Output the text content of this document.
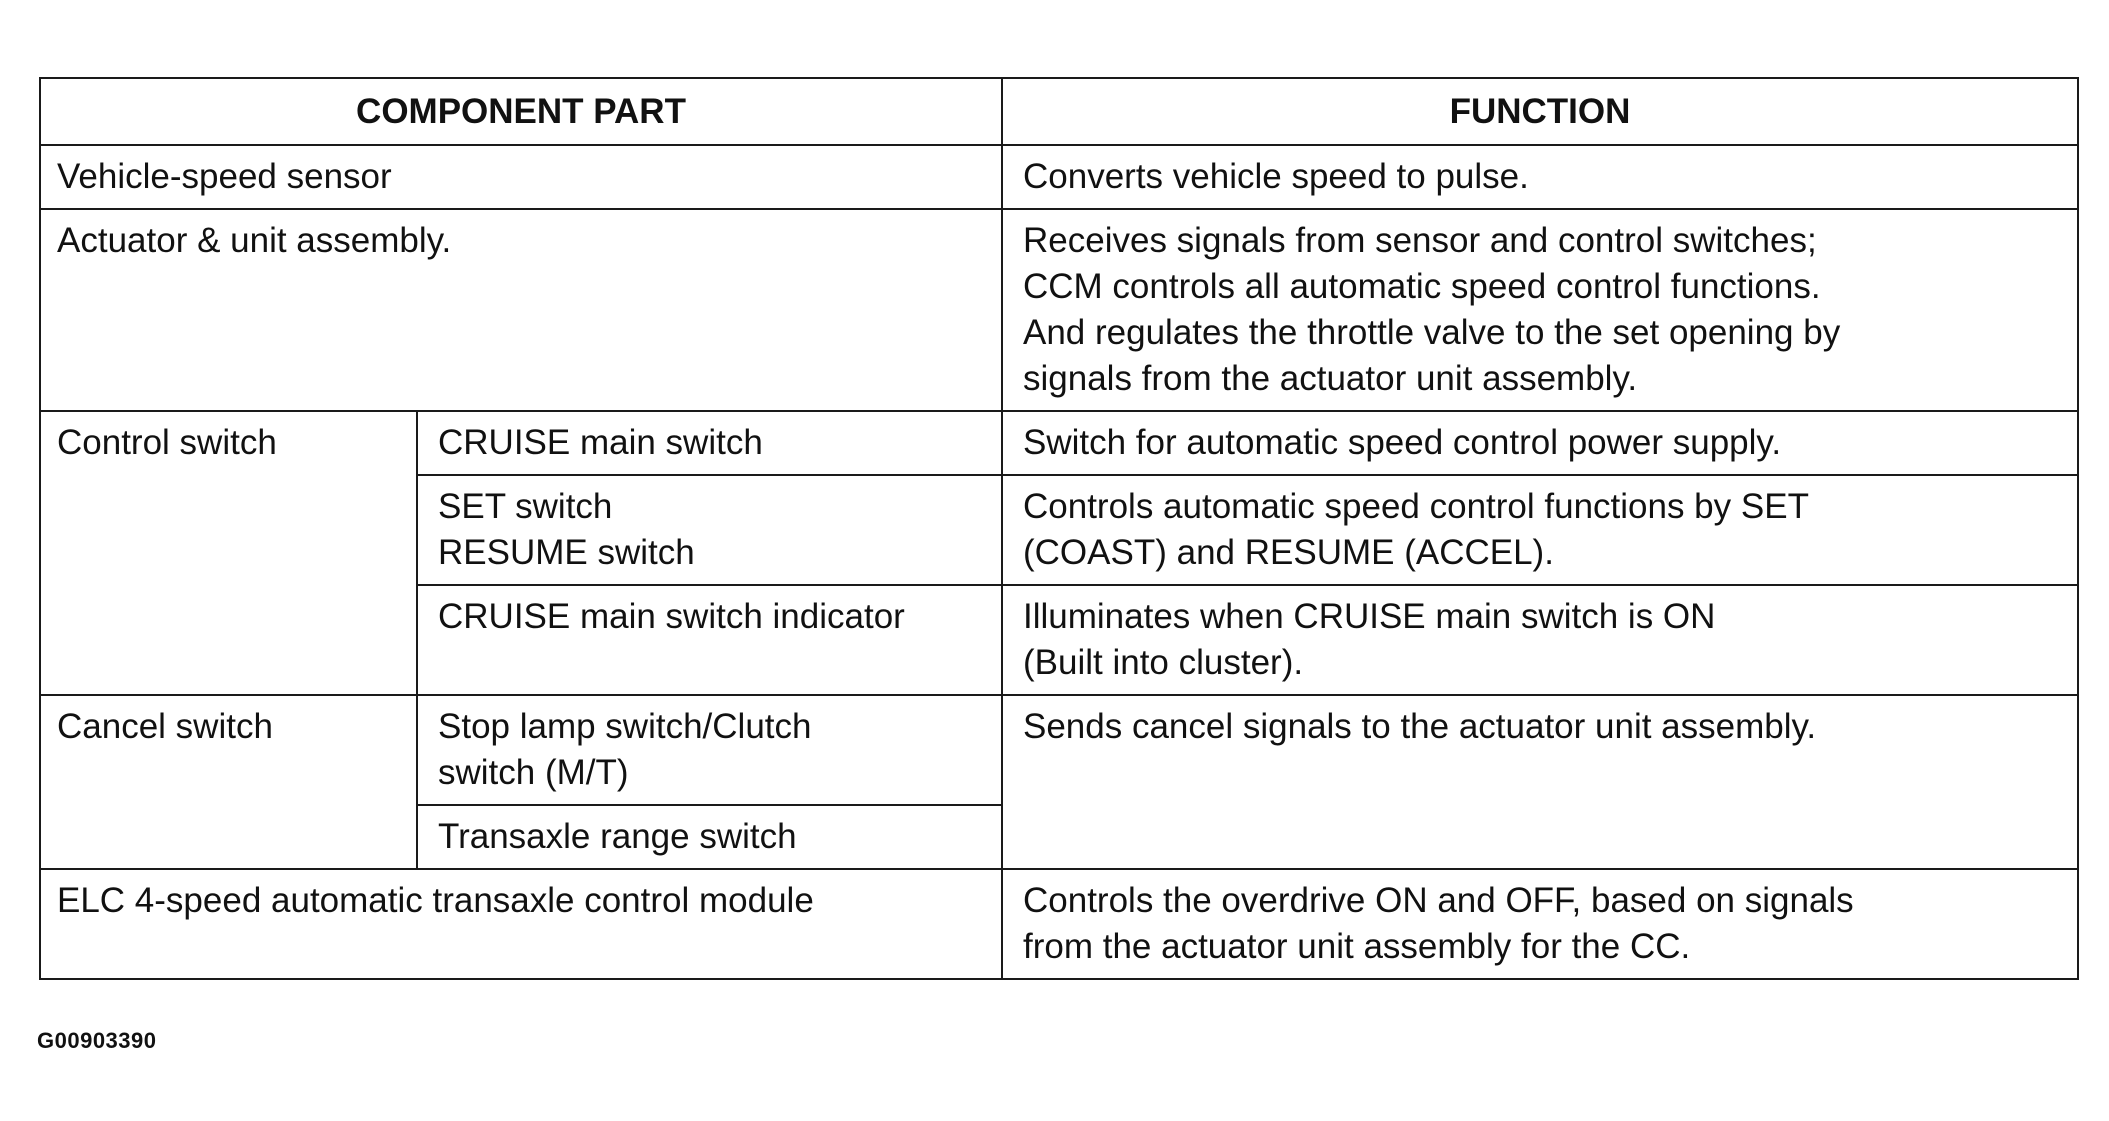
COMPONENT PART		FUNCTION
Vehicle-speed sensor		Converts vehicle speed to pulse.
Actuator & unit assembly.		Receives signals from sensor and control switches;
CCM controls all automatic speed control functions.
And regulates the throttle valve to the set opening by
signals from the actuator unit assembly.

Control switch	CRUISE main switch	Switch for automatic speed control power supply.

	SET switch
RESUME switch	Controls automatic speed control functions by SET
(COAST) and RESUME (ACCEL).

	CRUISE main switch indicator	Illuminates when CRUISE main switch is ON
(Built into cluster).

Cancel switch	Stop lamp switch/Clutch
switch (M/T)	Sends cancel signals to the actuator unit assembly.
	Transaxle range switch	
ELC 4-speed automatic transaxle control module		Controls the overdrive ON and OFF, based on signals
from the actuator unit assembly for the CC.
G00903390
